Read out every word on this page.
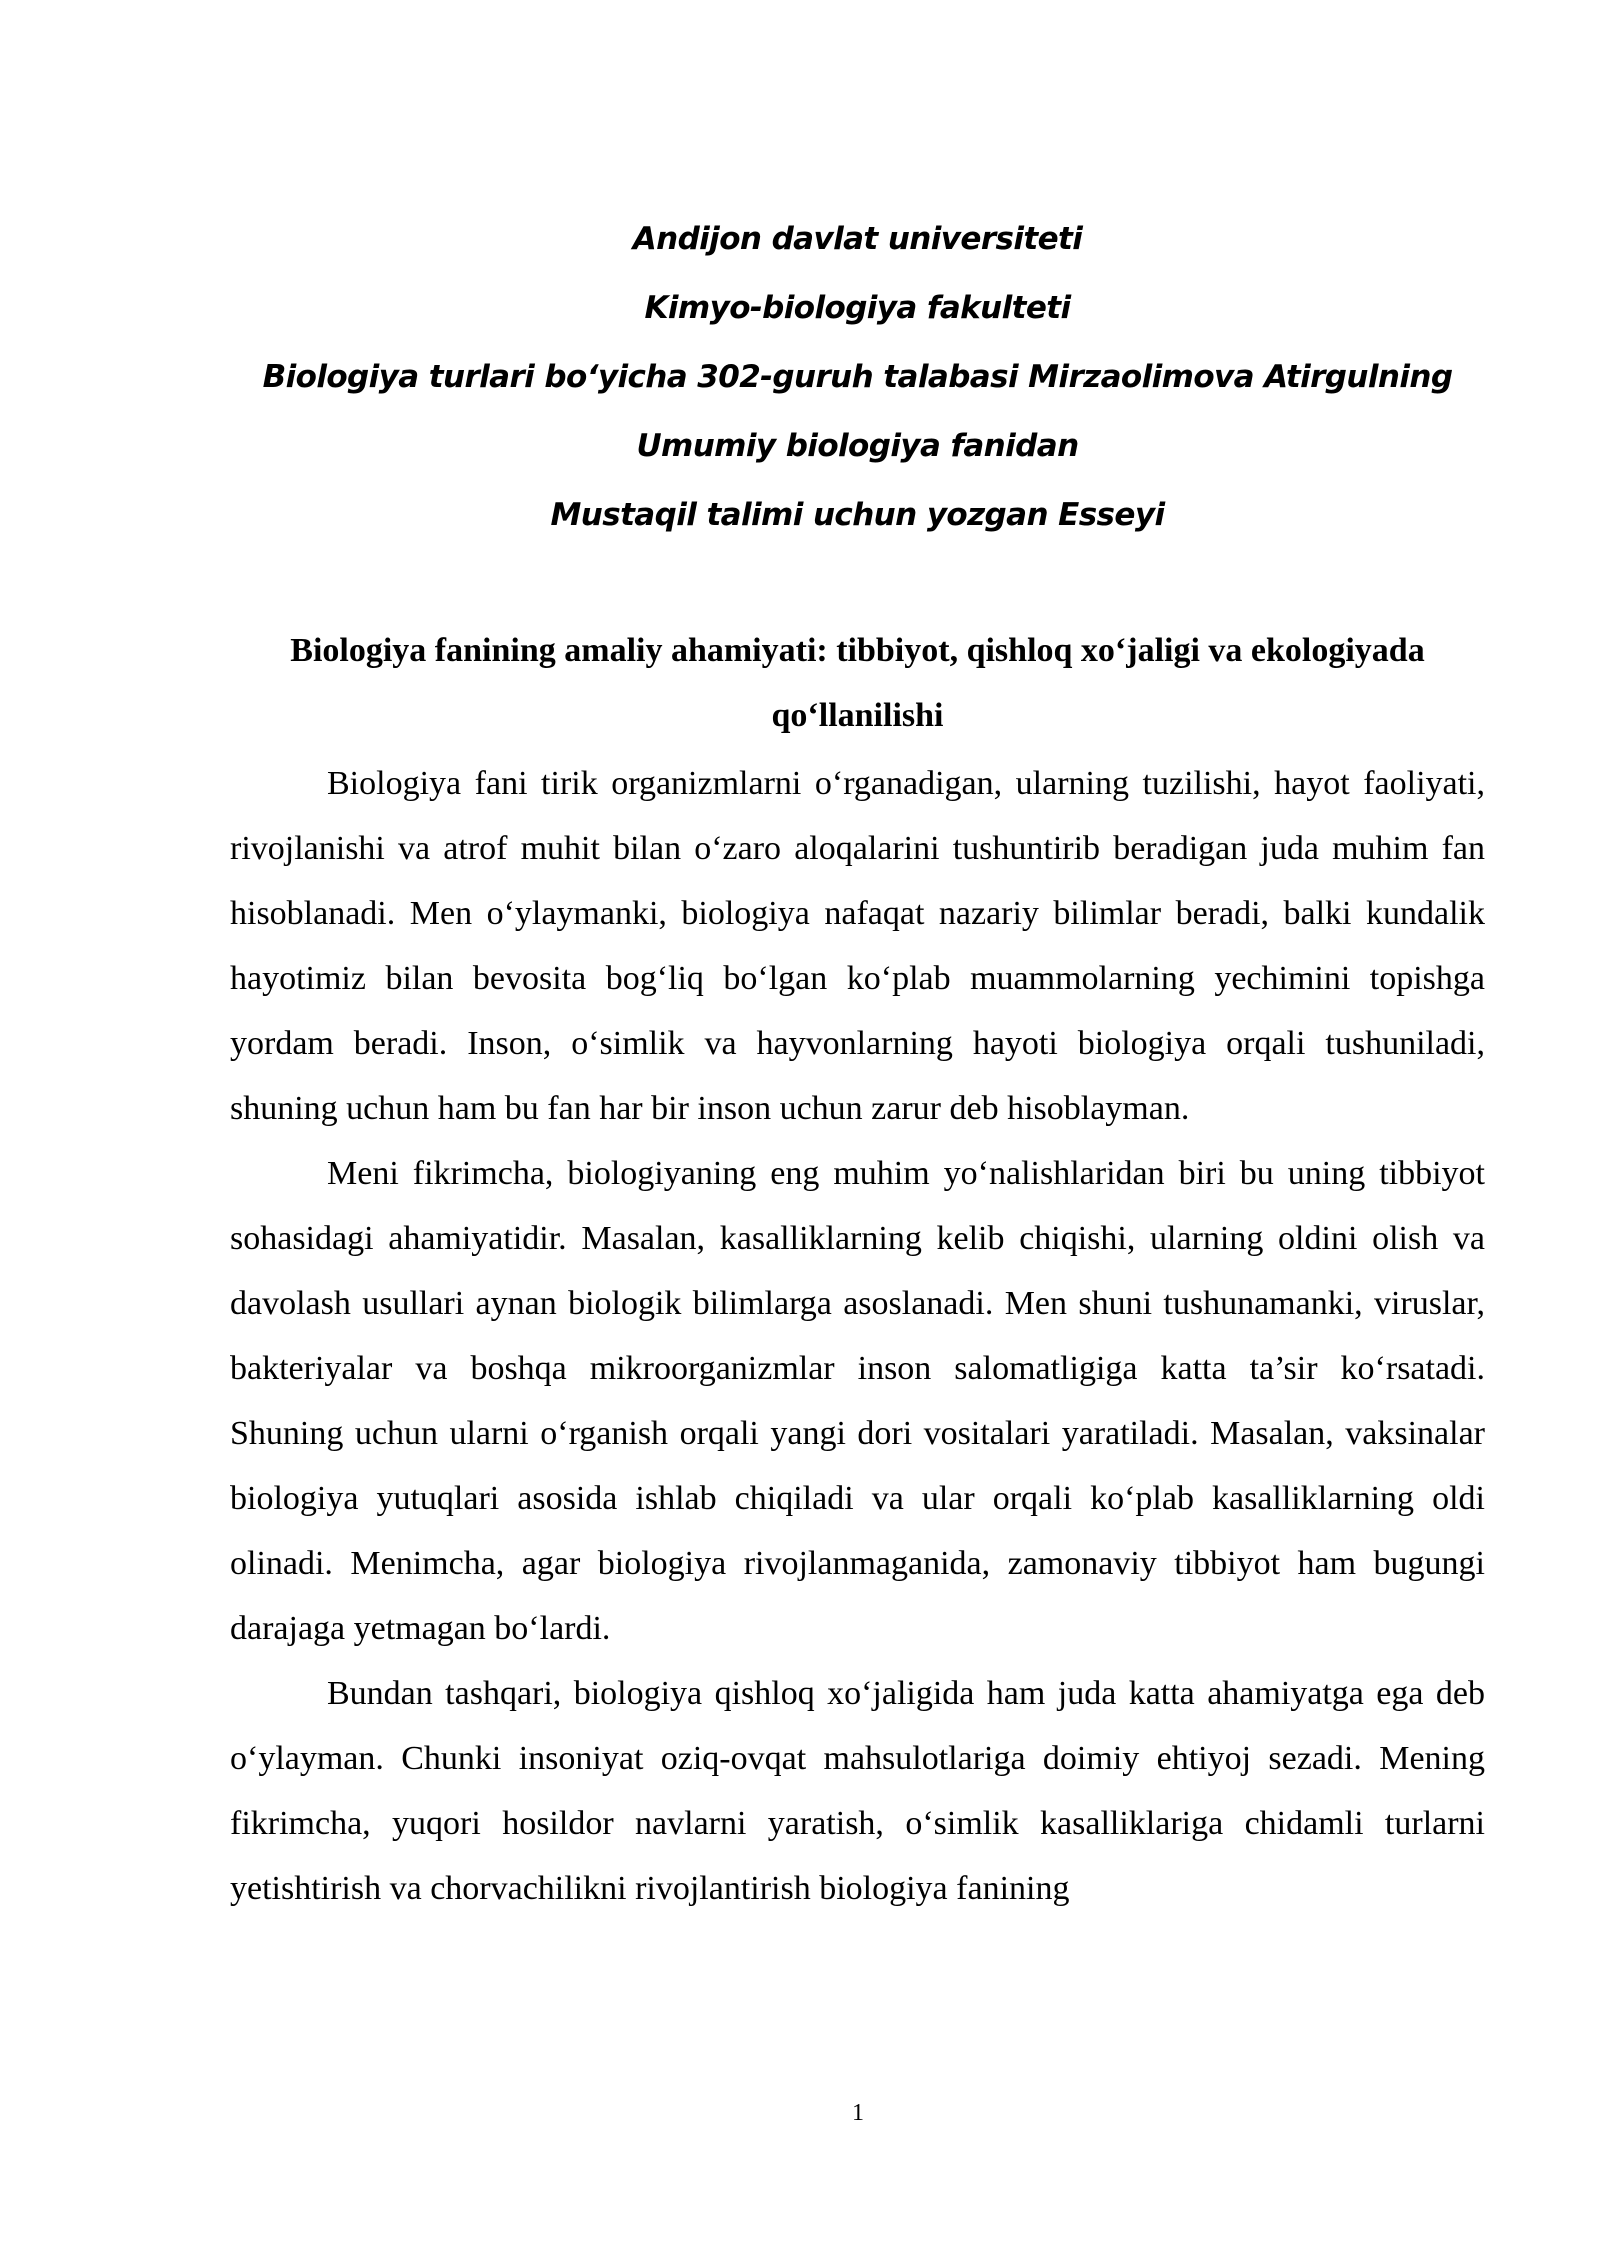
Andijon davlat universiteti
Kimyo-biologiya fakulteti
Biologiya turlari bo‘yicha 302-guruh talabasi Mirzaolimova Atirgulning
Umumiy biologiya fanidan
Mustaqil talimi uchun yozgan Esseyi
Biologiya fanining amaliy ahamiyati: tibbiyot, qishloq xo‘jaligi va ekologiyada qo‘llanilishi

Biologiya fani tirik organizmlarni o‘rganadigan, ularning tuzilishi, hayot faoliyati, rivojlanishi va atrof muhit bilan o‘zaro aloqalarini tushuntirib beradigan juda muhim fan hisoblanadi. Men o‘ylaymanki, biologiya nafaqat nazariy bilimlar beradi, balki kundalik hayotimiz bilan bevosita bog‘liq bo‘lgan ko‘plab muammolarning yechimini topishga yordam beradi. Inson, o‘simlik va hayvonlarning hayoti biologiya orqali tushuniladi, shuning uchun ham bu fan har bir inson uchun zarur deb hisoblayman.

Meni fikrimcha, biologiyaning eng muhim yo‘nalishlaridan biri bu uning tibbiyot sohasidagi ahamiyatidir. Masalan, kasalliklarning kelib chiqishi, ularning oldini olish va davolash usullari aynan biologik bilimlarga asoslanadi. Men shuni tushunamanki, viruslar, bakteriyalar va boshqa mikroorganizmlar inson salomatligiga katta ta’sir ko‘rsatadi. Shuning uchun ularni o‘rganish orqali yangi dori vositalari yaratiladi. Masalan, vaksinalar biologiya yutuqlari asosida ishlab chiqiladi va ular orqali ko‘plab kasalliklarning oldi olinadi. Menimcha, agar biologiya rivojlanmaganida, zamonaviy tibbiyot ham bugungi darajaga yetmagan bo‘lardi.

Bundan tashqari, biologiya qishloq xo‘jaligida ham juda katta ahamiyatga ega deb o‘ylayman. Chunki insoniyat oziq-ovqat mahsulotlariga doimiy ehtiyoj sezadi. Mening fikrimcha, yuqori hosildor navlarni yaratish, o‘simlik kasalliklariga chidamli turlarni yetishtirish va chorvachilikni rivojlantirish biologiya fanining

1
